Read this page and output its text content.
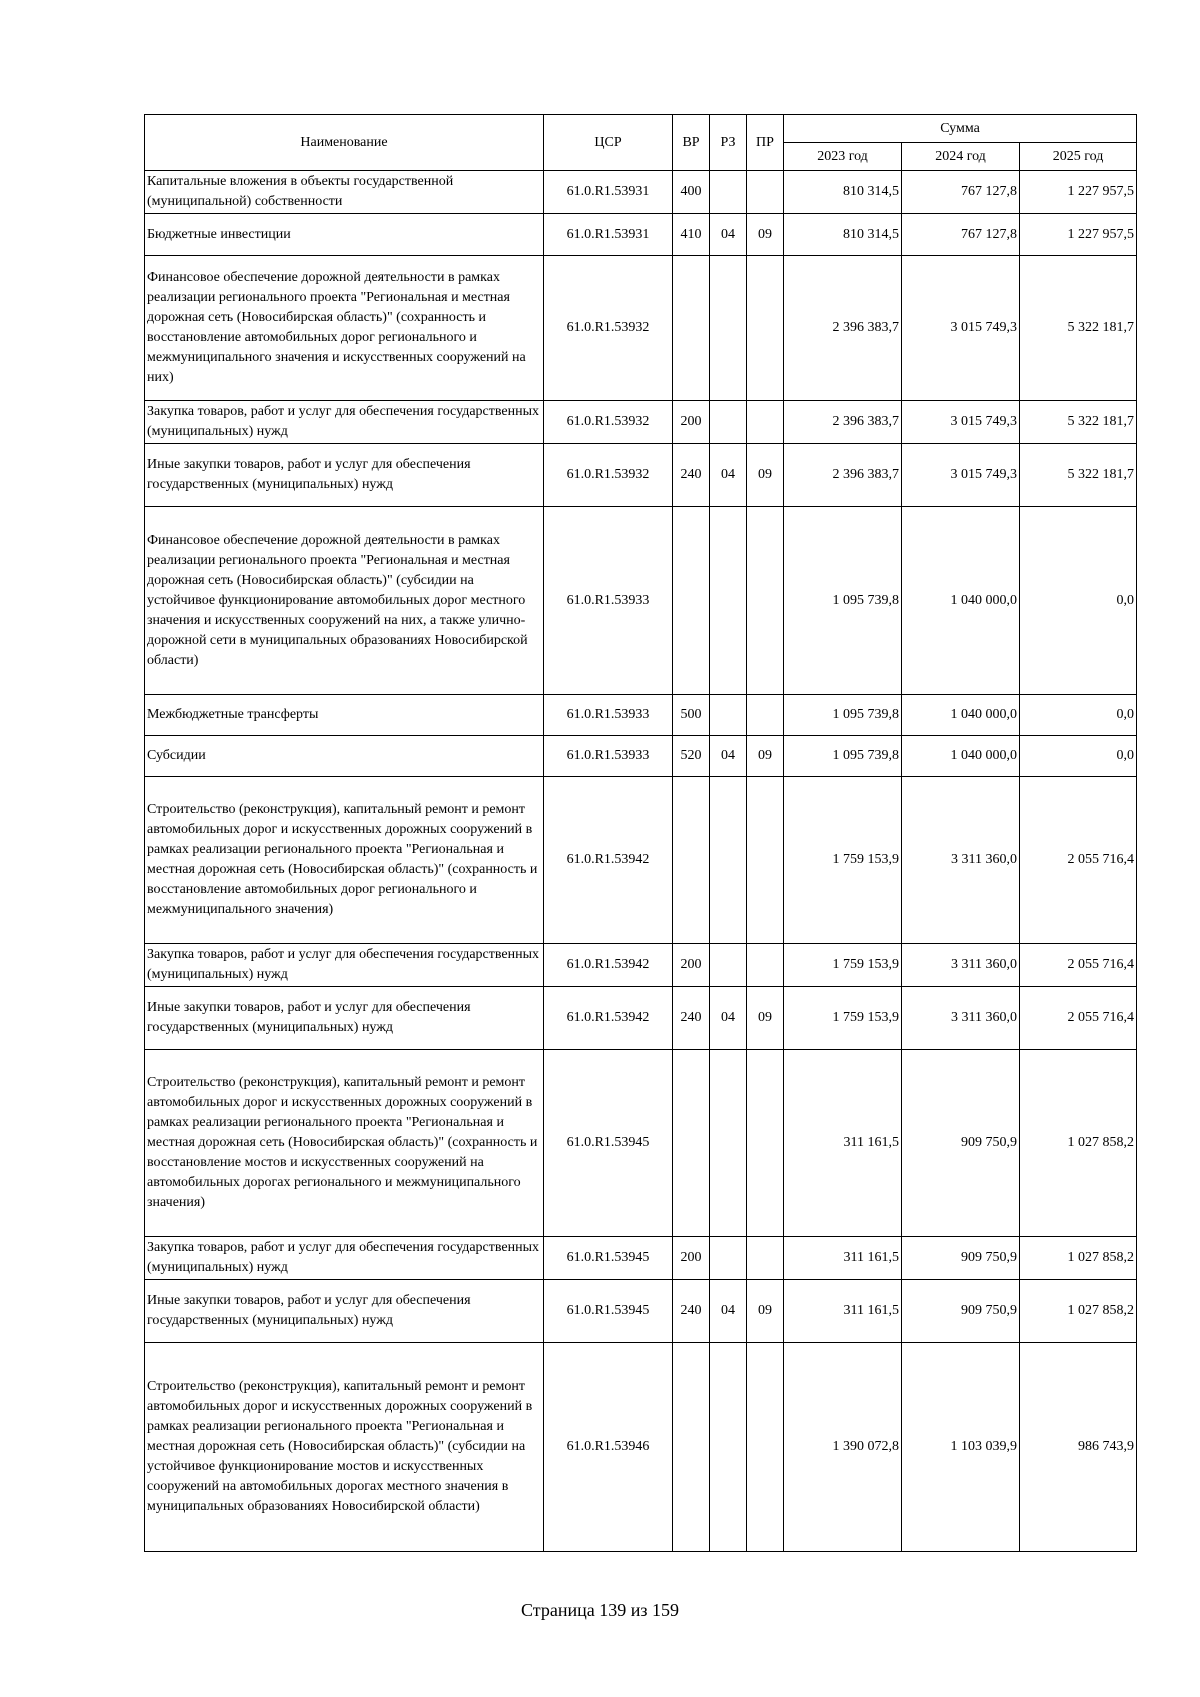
Наименование	ЦСР	ВР	РЗ	ПР	Сумма		
					2023 год	2024 год	2025 год
Капитальные вложения в объекты государственной (муниципальной) собственности	61.0.R1.53931	400			810 314,5	767 127,8	1 227 957,5
Бюджетные инвестиции	61.0.R1.53931	410	04	09	810 314,5	767 127,8	1 227 957,5
Финансовое обеспечение дорожной деятельности в рамках реализации регионального проекта "Региональная и местная дорожная сеть (Новосибирская область)" (сохранность и восстановление автомобильных дорог регионального и межмуниципального значения и искусственных сооружений на них)	61.0.R1.53932				2 396 383,7	3 015 749,3	5 322 181,7
Закупка товаров, работ и услуг для обеспечения государственных (муниципальных) нужд	61.0.R1.53932	200			2 396 383,7	3 015 749,3	5 322 181,7
Иные закупки товаров, работ и услуг для обеспечения государственных (муниципальных) нужд	61.0.R1.53932	240	04	09	2 396 383,7	3 015 749,3	5 322 181,7
Финансовое обеспечение дорожной деятельности в рамках реализации регионального проекта "Региональная и местная дорожная сеть (Новосибирская область)" (субсидии на устойчивое функционирование автомобильных дорог местного значения и искусственных сооружений на них, а также улично-дорожной сети в муниципальных образованиях Новосибирской области)	61.0.R1.53933				1 095 739,8	1 040 000,0	0,0
Межбюджетные трансферты	61.0.R1.53933	500			1 095 739,8	1 040 000,0	0,0
Субсидии	61.0.R1.53933	520	04	09	1 095 739,8	1 040 000,0	0,0
Строительство (реконструкция), капитальный ремонт и ремонт автомобильных дорог и искусственных дорожных сооружений в рамках реализации регионального проекта "Региональная и местная дорожная сеть (Новосибирская область)" (сохранность и восстановление автомобильных дорог регионального и межмуниципального значения)	61.0.R1.53942				1 759 153,9	3 311 360,0	2 055 716,4
Закупка товаров, работ и услуг для обеспечения государственных (муниципальных) нужд	61.0.R1.53942	200			1 759 153,9	3 311 360,0	2 055 716,4
Иные закупки товаров, работ и услуг для обеспечения государственных (муниципальных) нужд	61.0.R1.53942	240	04	09	1 759 153,9	3 311 360,0	2 055 716,4
Строительство (реконструкция), капитальный ремонт и ремонт автомобильных дорог и искусственных дорожных сооружений в рамках реализации регионального проекта "Региональная и местная дорожная сеть (Новосибирская область)" (сохранность и восстановление мостов и искусственных сооружений на автомобильных дорогах регионального и межмуниципального значения)	61.0.R1.53945				311 161,5	909 750,9	1 027 858,2
Закупка товаров, работ и услуг для обеспечения государственных (муниципальных) нужд	61.0.R1.53945	200			311 161,5	909 750,9	1 027 858,2
Иные закупки товаров, работ и услуг для обеспечения государственных (муниципальных) нужд	61.0.R1.53945	240	04	09	311 161,5	909 750,9	1 027 858,2
Строительство (реконструкция), капитальный ремонт и ремонт автомобильных дорог и искусственных дорожных сооружений в рамках реализации регионального проекта "Региональная и местная дорожная сеть (Новосибирская область)" (субсидии на устойчивое функционирование мостов и искусственных сооружений на автомобильных дорогах местного значения в муниципальных образованиях Новосибирской области)	61.0.R1.53946				1 390 072,8	1 103 039,9	986 743,9
Страница 139 из 159
